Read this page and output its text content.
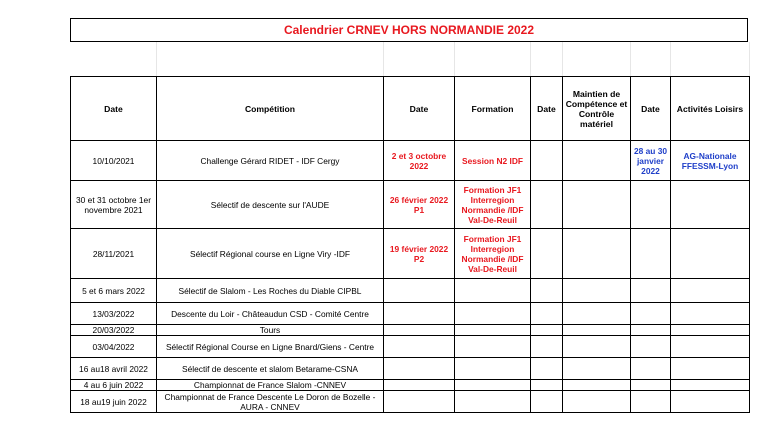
Calendrier CRNEV HORS NORMANDIE 2022
Date	Compétition	Date	Formation	Date	Maintien de Compétence et Contrôle matériel	Date	Activités Loisirs
10/10/2021	Challenge Gérard RIDET - IDF Cergy	2 et 3 octobre 2022	Session N2 IDF			28 au 30 janvier 2022	AG-Nationale FFESSM-Lyon
30 et 31 octobre 1er novembre 2021	Sélectif de descente sur l'AUDE	26 février 2022 P1	Formation JF1 Interregion Normandie /IDF Val-De-Reuil				
28/11/2021	Sélectif Régional course en Ligne Viry -IDF	19 février 2022 P2	Formation JF1 Interregion Normandie /IDF Val-De-Reuil				
5 et 6 mars 2022	Sélectif de Slalom - Les Roches du Diable CIPBL						
13/03/2022	Descente du Loir - Châteaudun CSD - Comité Centre						
20/03/2022	Tours						
03/04/2022	Sélectif Régional Course en Ligne Bnard/Giens - Centre						
16 au18 avril 2022	Sélectif de descente et slalom Betarame-CSNA						
4 au 6 juin 2022	Championnat de France Slalom -CNNEV						
18 au19 juin 2022	Championnat de France Descente Le Doron de Bozelle - AURA - CNNEV						
